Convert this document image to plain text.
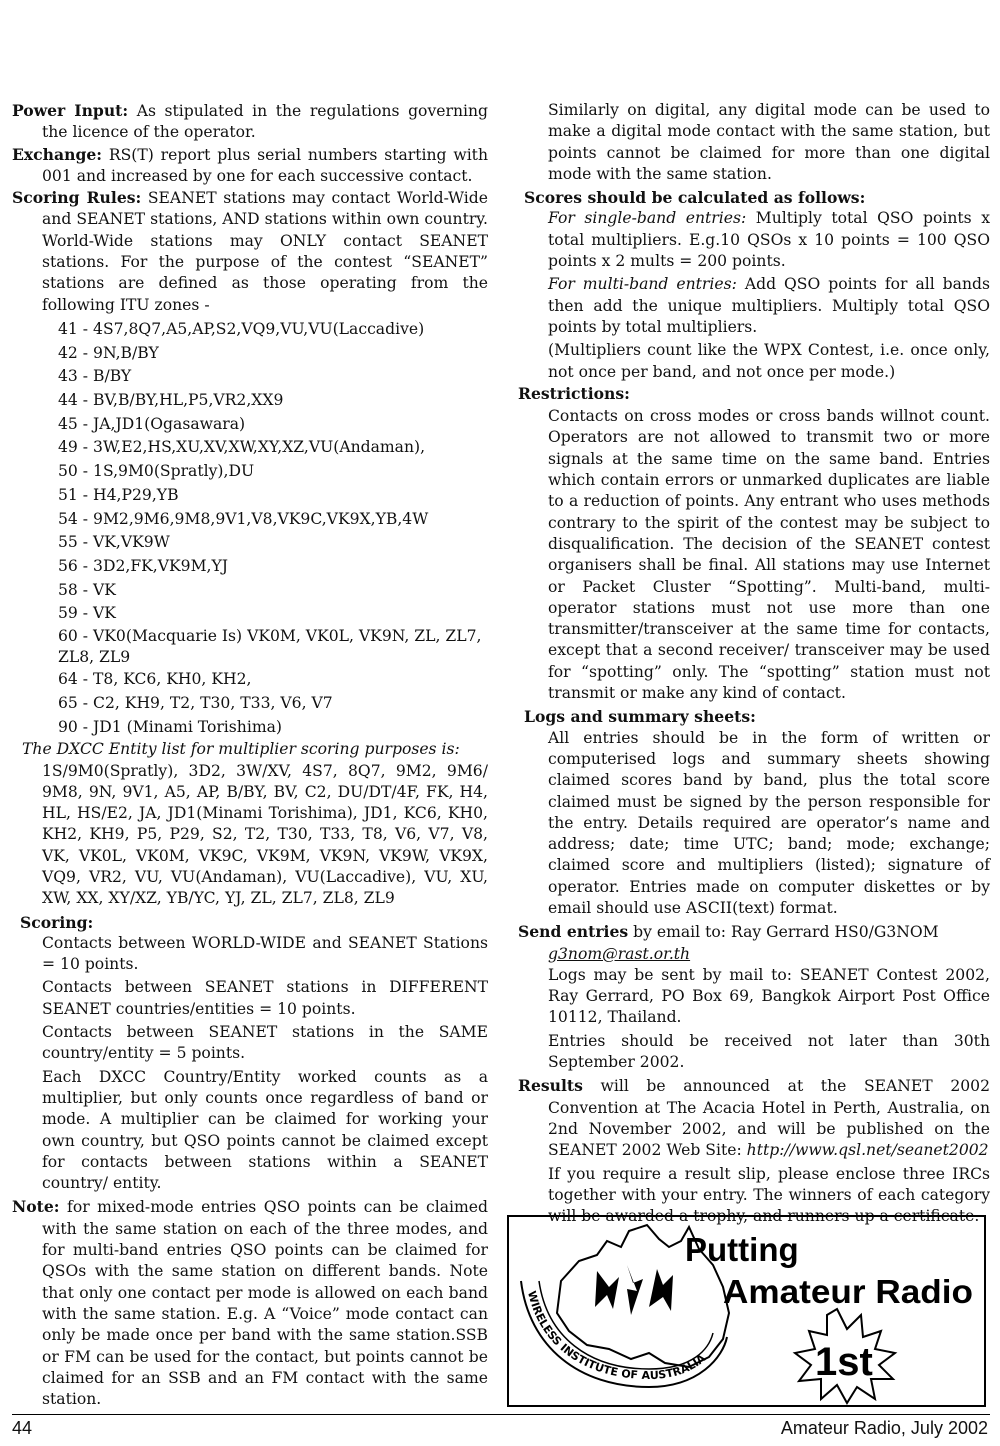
Power Input: As stipulated in the regulations governing the licence of the operator.

Exchange: RS(T) report plus serial numbers starting with 001 and increased by one for each successive contact.

Scoring Rules: SEANET stations may contact World-Wide and SEANET stations, AND stations within own country. World-Wide stations may ONLY contact SEANET stations. For the purpose of the contest “SEANET” stations are defined as those operating from the following ITU zones -

41 - 4S7,8Q7,A5,AP,S2,VQ9,VU,VU(Laccadive)
42 - 9N,B/BY
43 - B/BY
44 - BV,B/BY,HL,P5,VR2,XX9
45 - JA,JD1(Ogasawara)
49 - 3W,E2,HS,XU,XV,XW,XY,XZ,VU(Andaman),
50 - 1S,9M0(Spratly),DU
51 - H4,P29,YB
54 - 9M2,9M6,9M8,9V1,V8,VK9C,VK9X,YB,4W
55 - VK,VK9W
56 - 3D2,FK,VK9M,YJ
58 - VK
59 - VK
60 - VK0(Macquarie Is) VK0M, VK0L, VK9N, ZL, ZL7, ZL8, ZL9
64 - T8, KC6, KH0, KH2,
65 - C2, KH9, T2, T30, T33, V6, V7
90 - JD1 (Minami Torishima)

The DXCC Entity list for multiplier scoring purposes is:

1S/9M0(Spratly), 3D2, 3W/XV, 4S7, 8Q7, 9M2, 9M6/ 9M8, 9N, 9V1, A5, AP, B/BY, BV, C2, DU/DT/4F, FK, H4, HL, HS/E2, JA, JD1(Minami Torishima), JD1, KC6, KH0, KH2, KH9, P5, P29, S2, T2, T30, T33, T8, V6, V7, V8, VK, VK0L, VK0M, VK9C, VK9M, VK9N, VK9W, VK9X, VQ9, VR2, VU, VU(Andaman), VU(Laccadive), VU, XU, XW, XX, XY/XZ, YB/YC, YJ, ZL, ZL7, ZL8, ZL9

Scoring:

Contacts between WORLD-WIDE and SEANET Stations = 10 points.

Contacts between SEANET stations in DIFFERENT SEANET countries/entities = 10 points.

Contacts between SEANET stations in the SAME country/entity = 5 points.

Each DXCC Country/Entity worked counts as a multiplier, but only counts once regardless of band or mode. A multiplier can be claimed for working your own country, but QSO points cannot be claimed except for contacts between stations within a SEANET country/ entity.

Note: for mixed-mode entries QSO points can be claimed with the same station on each of the three modes, and for multi-band entries QSO points can be claimed for QSOs with the same station on different bands. Note that only one contact per mode is allowed on each band with the same station. E.g. A “Voice” mode contact can only be made once per band with the same station.SSB or FM can be used for the contact, but points cannot be claimed for an SSB and an FM contact with the same station.

Similarly on digital, any digital mode can be used to make a digital mode contact with the same station, but points cannot be claimed for more than one digital mode with the same station.

Scores should be calculated as follows:

For single-band entries: Multiply total QSO points x total multipliers. E.g.10 QSOs x 10 points = 100 QSO points x 2 mults = 200 points.

For multi-band entries: Add QSO points for all bands then add the unique multipliers. Multiply total QSO points by total multipliers.

(Multipliers count like the WPX Contest, i.e. once only, not once per band, and not once per mode.)

Restrictions:

Contacts on cross modes or cross bands willnot count. Operators are not allowed to transmit two or more signals at the same time on the same band. Entries which contain errors or unmarked duplicates are liable to a reduction of points. Any entrant who uses methods contrary to the spirit of the contest may be subject to disqualification. The decision of the SEANET contest organisers shall be final. All stations may use Internet or Packet Cluster “Spotting”. Multi-band, multi-operator stations must not use more than one transmitter/transceiver at the same time for contacts, except that a second receiver/ transceiver may be used for “spotting” only. The “spotting” station must not transmit or make any kind of contact.

Logs and summary sheets:

All entries should be in the form of written or computerised logs and summary sheets showing claimed scores band by band, plus the total score claimed must be signed by the person responsible for the entry. Details required are operator’s name and address; date; time UTC; band; mode; exchange; claimed score and multipliers (listed); signature of operator. Entries made on computer diskettes or by email should use ASCII(text) format.

Send entries by email to: Ray Gerrard HS0/G3NOM
g3nom@rast.or.th

Logs may be sent by mail to: SEANET Contest 2002, Ray Gerrard, PO Box 69, Bangkok Airport Post Office 10112, Thailand.

Entries should be received not later than 30th September 2002.

Results will be announced at the SEANET 2002 Convention at The Acacia Hotel in Perth, Australia, on 2nd November 2002, and will be published on the SEANET 2002 Web Site: http://www.qsl.net/seanet2002

If you require a result slip, please enclose three IRCs together with your entry. The winners of each category will be awarded a trophy, and runners up a certificate.

WIRELESS INSTITUTE OF AUSTRALIA
Putting
Amateur Radio
1st
44	Amateur Radio, July 2002
